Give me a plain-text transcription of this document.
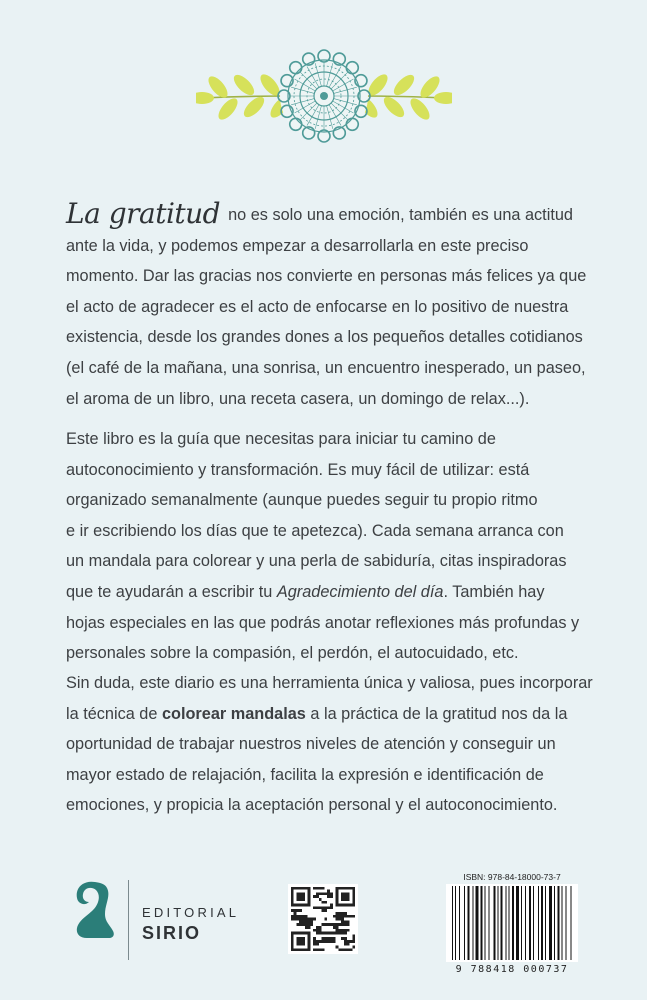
La gratitud no es solo una emoción, también es una actitud
ante la vida, y podemos empezar a desarrollarla en este preciso
momento. Dar las gracias nos convierte en personas más felices ya que
el acto de agradecer es el acto de enfocarse en lo positivo de nuestra
existencia, desde los grandes dones a los pequeños detalles cotidianos
(el café de la mañana, una sonrisa, un encuentro inesperado, un paseo,
el aroma de un libro, una receta casera, un domingo de relax...).
Este libro es la guía que necesitas para iniciar tu camino de
autoconocimiento y transformación. Es muy fácil de utilizar: está
organizado semanalmente (aunque puedes seguir tu propio ritmo
e ir escribiendo los días que te apetezca). Cada semana arranca con
un mandala para colorear y una perla de sabiduría, citas inspiradoras
que te ayudarán a escribir tu Agradecimiento del día. También hay
hojas especiales en las que podrás anotar reflexiones más profundas y
personales sobre la compasión, el perdón, el autocuidado, etc.
Sin duda, este diario es una herramienta única y valiosa, pues incorporar
la técnica de colorear mandalas a la práctica de la gratitud nos da la
oportunidad de trabajar nuestros niveles de atención y conseguir un
mayor estado de relajación, facilita la expresión e identificación de
emociones, y propicia la aceptación personal y el autoconocimiento.
EDITORIAL
SIRIO
ISBN: 978-84-18000-73-7
9 788418 000737
